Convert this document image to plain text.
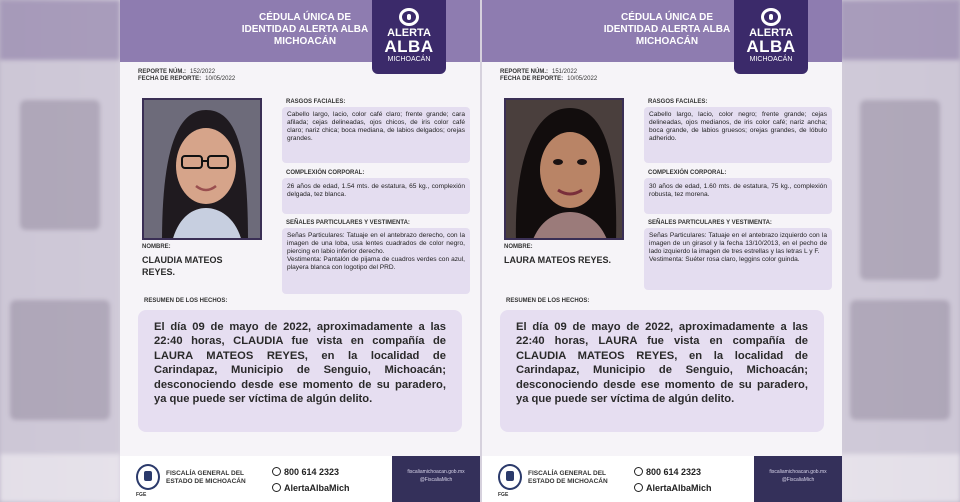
CÉDULA ÚNICA DE
IDENTIDAD ALERTA ALBA
MICHOACÁN
ALERTA
ALBA
MICHOACÁN
REPORTE NÚM.: 152/2022
FECHA DE REPORTE: 10/05/2022
NOMBRE:
CLAUDIA MATEOS
REYES.
RASGOS FACIALES:
Cabello largo, lacio, color café claro; frente grande; cara afilada; cejas delineadas, ojos chicos, de iris color café claro; nariz chica; boca mediana, de labios delgados; orejas grandes.
COMPLEXIÓN CORPORAL:
26 años de edad, 1.54 mts. de estatura, 65 kg., complexión delgada, tez blanca.
SEÑALES PARTICULARES Y VESTIMENTA:
Señas Particulares: Tatuaje en el antebrazo derecho, con la imagen de una loba, usa lentes cuadrados de color negro, piercing en labio inferior derecho.
Vestimenta: Pantalón de pijama de cuadros verdes con azul, playera blanca con logotipo del PRD.
RESUMEN DE LOS HECHOS:
El día 09 de mayo de 2022, aproximadamente a las 22:40 horas, CLAUDIA fue vista en compañía de LAURA MATEOS REYES, en la localidad de Carindapaz, Municipio de Senguio, Michoacán; desconociendo desde ese momento de su paradero, ya que puede ser víctima de algún delito.
FGE
FISCALÍA GENERAL DEL
ESTADO DE MICHOACÁN
800 614 2323
AlertaAlbaMich
fiscaliamichoacan.gob.mx
@FiscaliaMich
CÉDULA ÚNICA DE
IDENTIDAD ALERTA ALBA
MICHOACÁN
ALERTA
ALBA
MICHOACÁN
REPORTE NÚM.: 151/2022
FECHA DE REPORTE: 10/05/2022
NOMBRE:
LAURA MATEOS REYES.
RASGOS FACIALES:
Cabello largo, lacio, color negro; frente grande; cejas delineadas, ojos medianos, de iris color café; nariz ancha; boca grande, de labios gruesos; orejas grandes, de lóbulo adherido.
COMPLEXIÓN CORPORAL:
30 años de edad, 1.60 mts. de estatura, 75 kg., complexión robusta, tez morena.
SEÑALES PARTICULARES Y VESTIMENTA:
Señas Particulares: Tatuaje en el antebrazo izquierdo con la imagen de un girasol y la fecha 13/10/2013, en el pecho de lado izquierdo la imagen de tres estrellas y las letras L y F.
Vestimenta: Suéter rosa claro, leggins color guinda.
RESUMEN DE LOS HECHOS:
El día 09 de mayo de 2022, aproximadamente a las 22:40 horas, LAURA fue vista en compañía de CLAUDIA MATEOS REYES, en la localidad de Carindapaz, Municipio de Senguio, Michoacán; desconociendo desde ese momento de su paradero, ya que puede ser víctima de algún delito.
FGE
FISCALÍA GENERAL DEL
ESTADO DE MICHOACÁN
800 614 2323
AlertaAlbaMich
fiscaliamichoacan.gob.mx
@FiscaliaMich
